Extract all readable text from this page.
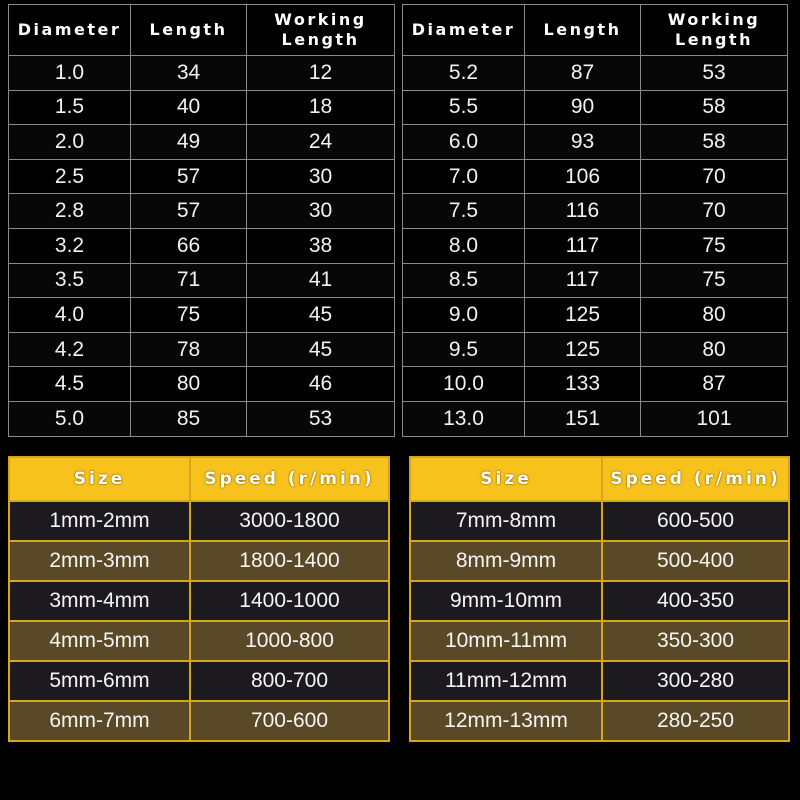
Diameter	Length	Working
Length

1.0	34	12
1.5	40	18
2.0	49	24
2.5	57	30
2.8	57	30
3.2	66	38
3.5	71	41
4.0	75	45
4.2	78	45
4.5	80	46
5.0	85	53
Diameter	Length	Working
Length

5.2	87	53
5.5	90	58
6.0	93	58
7.0	106	70
7.5	116	70
8.0	117	75
8.5	117	75
9.0	125	80
9.5	125	80
10.0	133	87
13.0	151	101
Size	Speed (r/min)
1mm-2mm	3000-1800
2mm-3mm	1800-1400
3mm-4mm	1400-1000
4mm-5mm	1000-800
5mm-6mm	800-700
6mm-7mm	700-600
Size	Speed (r/min)
7mm-8mm	600-500
8mm-9mm	500-400
9mm-10mm	400-350
10mm-11mm	350-300
11mm-12mm	300-280
12mm-13mm	280-250
